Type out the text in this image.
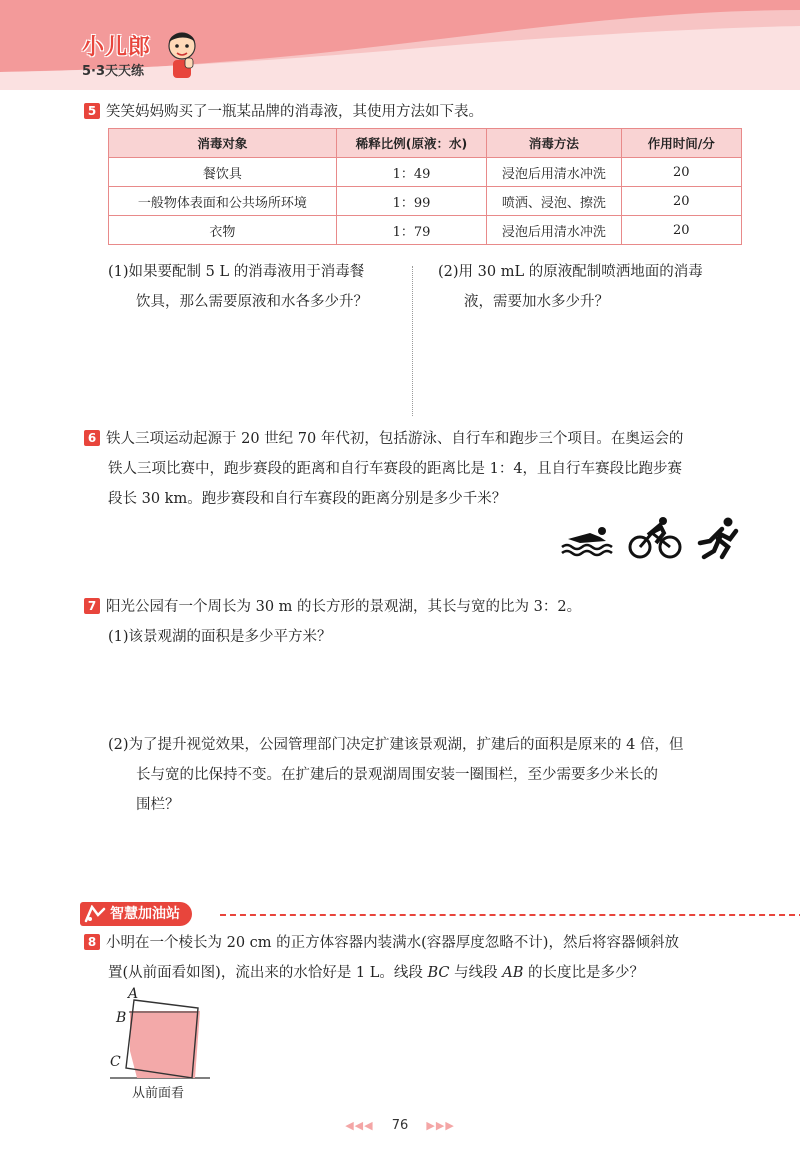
小儿郎
5·3天天练
5 笑笑妈妈购买了一瓶某品牌的消毒液，其使用方法如下表。
消毒对象	稀释比例(原液：水)	消毒方法	作用时间/分
餐饮具	1：49	浸泡后用清水冲洗	20
一般物体表面和公共场所环境	1：99	喷洒、浸泡、擦洗	20
衣物	1：79	浸泡后用清水冲洗	20
(1)如果要配制 5 L 的消毒液用于消毒餐
饮具，那么需要原液和水各多少升？
(2)用 30 mL 的原液配制喷洒地面的消毒
液，需要加水多少升？
6 铁人三项运动起源于 20 世纪 70 年代初，包括游泳、自行车和跑步三个项目。在奥运会的
铁人三项比赛中，跑步赛段的距离和自行车赛段的距离比是 1：4，且自行车赛段比跑步赛
段长 30 km。跑步赛段和自行车赛段的距离分别是多少千米？
7 阳光公园有一个周长为 30 m 的长方形的景观湖，其长与宽的比为 3：2。
(1)该景观湖的面积是多少平方米？
(2)为了提升视觉效果，公园管理部门决定扩建该景观湖，扩建后的面积是原来的 4 倍，但
长与宽的比保持不变。在扩建后的景观湖周围安装一圈围栏，至少需要多少米长的
围栏？
智慧加油站
8 小明在一个棱长为 20 cm 的正方体容器内装满水(容器厚度忽略不计)，然后将容器倾斜放
置(从前面看如图)，流出来的水恰好是 1 L。线段 BC 与线段 AB 的长度比是多少？
A
B
C
从前面看
◀◀◀ 76 ▶▶▶
